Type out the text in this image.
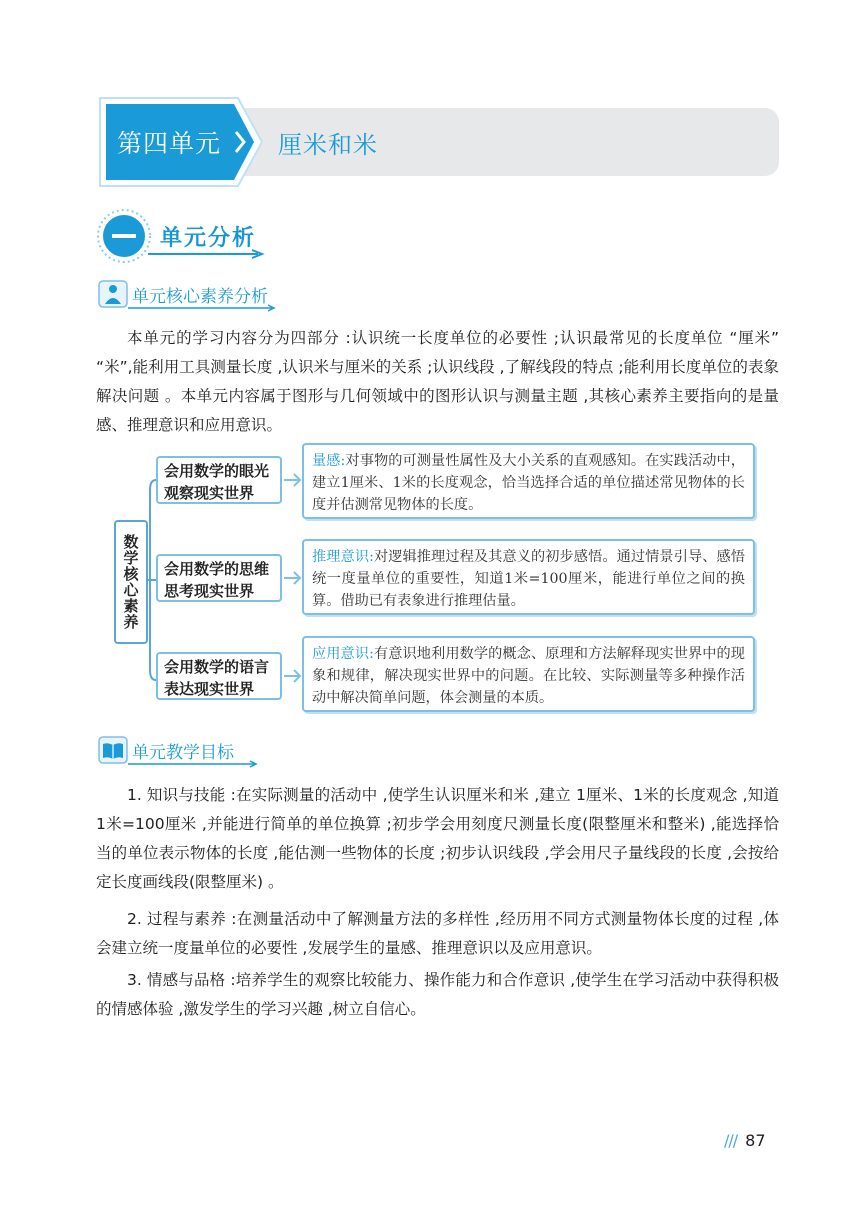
第四单元 厘米和米
单元分析
单元核心素养分析

本单元的学习内容分为四部分 :认识统一长度单位的必要性 ;认识最常见的长度单位 “厘米” “米”,能利用工具测量长度 ,认识米与厘米的关系 ;认识线段 ,了解线段的特点 ;能利用长度单位的表象解决问题 。本单元内容属于图形与几何领域中的图形认识与测量主题 ,其核心素养主要指向的是量感、推理意识和应用意识。

数学核心素养
会用数学的眼光
观察现实世界
量感:对事物的可测量性属性及大小关系的直观感知。在实践活动中，建立1厘米、1米的长度观念，恰当选择合适的单位描述常见物体的长度并估测常见物体的长度。
会用数学的思维
思考现实世界
推理意识:对逻辑推理过程及其意义的初步感悟。通过情景引导、感悟统一度量单位的重要性，知道1米=100厘米，能进行单位之间的换算。借助已有表象进行推理估量。
会用数学的语言
表达现实世界
应用意识:有意识地利用数学的概念、原理和方法解释现实世界中的现象和规律，解决现实世界中的问题。在比较、实际测量等多种操作活动中解决简单问题，体会测量的本质。
单元教学目标

1. 知识与技能 :在实际测量的活动中 ,使学生认识厘米和米 ,建立 1厘米、1米的长度观念 ,知道 1米=100厘米 ,并能进行简单的单位换算 ;初步学会用刻度尺测量长度(限整厘米和整米) ,能选择恰当的单位表示物体的长度 ,能估测一些物体的长度 ;初步认识线段 ,学会用尺子量线段的长度 ,会按给定长度画线段(限整厘米) 。

2. 过程与素养 :在测量活动中了解测量方法的多样性 ,经历用不同方式测量物体长度的过程 ,体会建立统一度量单位的必要性 ,发展学生的量感、推理意识以及应用意识。

3. 情感与品格 :培养学生的观察比较能力、操作能力和合作意识 ,使学生在学习活动中获得积极的情感体验 ,激发学生的学习兴趣 ,树立自信心。

/// 87
